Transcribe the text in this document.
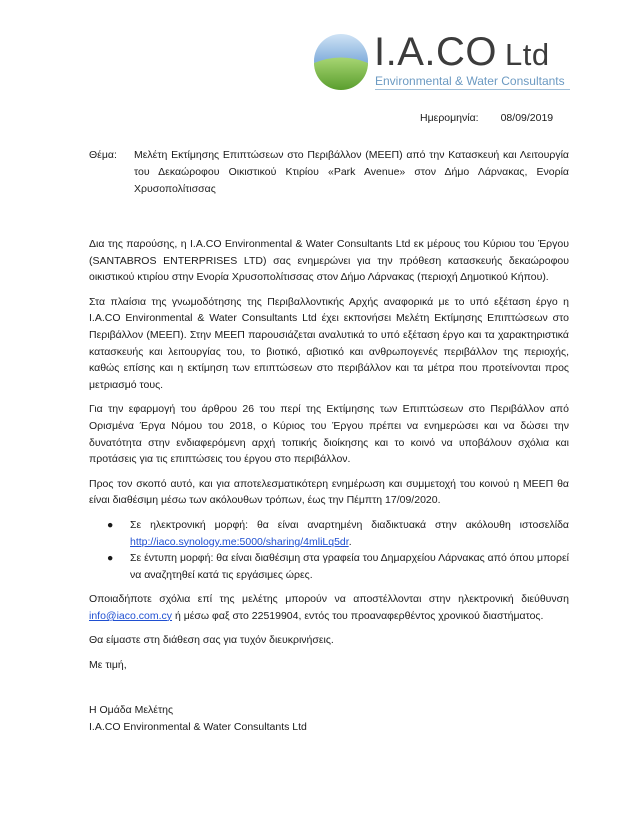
I.A.CO Ltd
Environmental & Water Consultants
Ημερομηνία: 08/09/2019
Θέμα: Μελέτη Εκτίμησης Επιπτώσεων στο Περιβάλλον (ΜΕΕΠ) από την Κατασκευή και Λειτουργία του Δεκαώροφου Οικιστικού Κτιρίου «Park Avenue» στον Δήμο Λάρνακας, Ενορία Χρυσοπολίτισσας

Δια της παρούσης, η I.A.CO Environmental & Water Consultants Ltd εκ μέρους του Κύριου του Έργου (SANTABROS ENTERPRISES LTD) σας ενημερώνει για την πρόθεση κατασκευής δεκαώροφου οικιστικού κτιρίου στην Ενορία Χρυσοπολίτισσας στον Δήμο Λάρνακας (περιοχή Δημοτικού Κήπου).

Στα πλαίσια της γνωμοδότησης της Περιβαλλοντικής Αρχής αναφορικά με το υπό εξέταση έργο η I.A.CO Environmental & Water Consultants Ltd έχει εκπονήσει Μελέτη Εκτίμησης Επιπτώσεων στο Περιβάλλον (ΜΕΕΠ). Στην ΜΕΕΠ παρουσιάζεται αναλυτικά το υπό εξέταση έργο και τα χαρακτηριστικά κατασκευής και λειτουργίας του, το βιοτικό, αβιοτικό και ανθρωπογενές περιβάλλον της περιοχής, καθώς επίσης και η εκτίμηση των επιπτώσεων στο περιβάλλον και τα μέτρα που προτείνονται προς μετριασμό τους.

Για την εφαρμογή του άρθρου 26 του περί της Εκτίμησης των Επιπτώσεων στο Περιβάλλον από Ορισμένα Έργα Νόμου του 2018, ο Κύριος του Έργου πρέπει να ενημερώσει και να δώσει την δυνατότητα στην ενδιαφερόμενη αρχή τοπικής διοίκησης και το κοινό να υποβάλουν σχόλια και προτάσεις για τις επιπτώσεις του έργου στο περιβάλλον.

Προς τον σκοπό αυτό, και για αποτελεσματικότερη ενημέρωση και συμμετοχή του κοινού η ΜΕΕΠ θα είναι διαθέσιμη μέσω των ακόλουθων τρόπων, έως την Πέμπτη 17/09/2020.

● Σε ηλεκτρονική μορφή: θα είναι αναρτημένη διαδικτυακά στην ακόλουθη ιστοσελίδα http://iaco.synology.me:5000/sharing/4mliLq5dr.
● Σε έντυπη μορφή: θα είναι διαθέσιμη στα γραφεία του Δημαρχείου Λάρνακας από όπου μπορεί να αναζητηθεί κατά τις εργάσιμες ώρες.

Οποιαδήποτε σχόλια επί της μελέτης μπορούν να αποστέλλονται στην ηλεκτρονική διεύθυνση info@iaco.com.cy ή μέσω φαξ στο 22519904, εντός του προαναφερθέντος χρονικού διαστήματος.

Θα είμαστε στη διάθεση σας για τυχόν διευκρινήσεις.

Με τιμή,

Η Ομάδα Μελέτης
I.A.CO Environmental & Water Consultants Ltd
